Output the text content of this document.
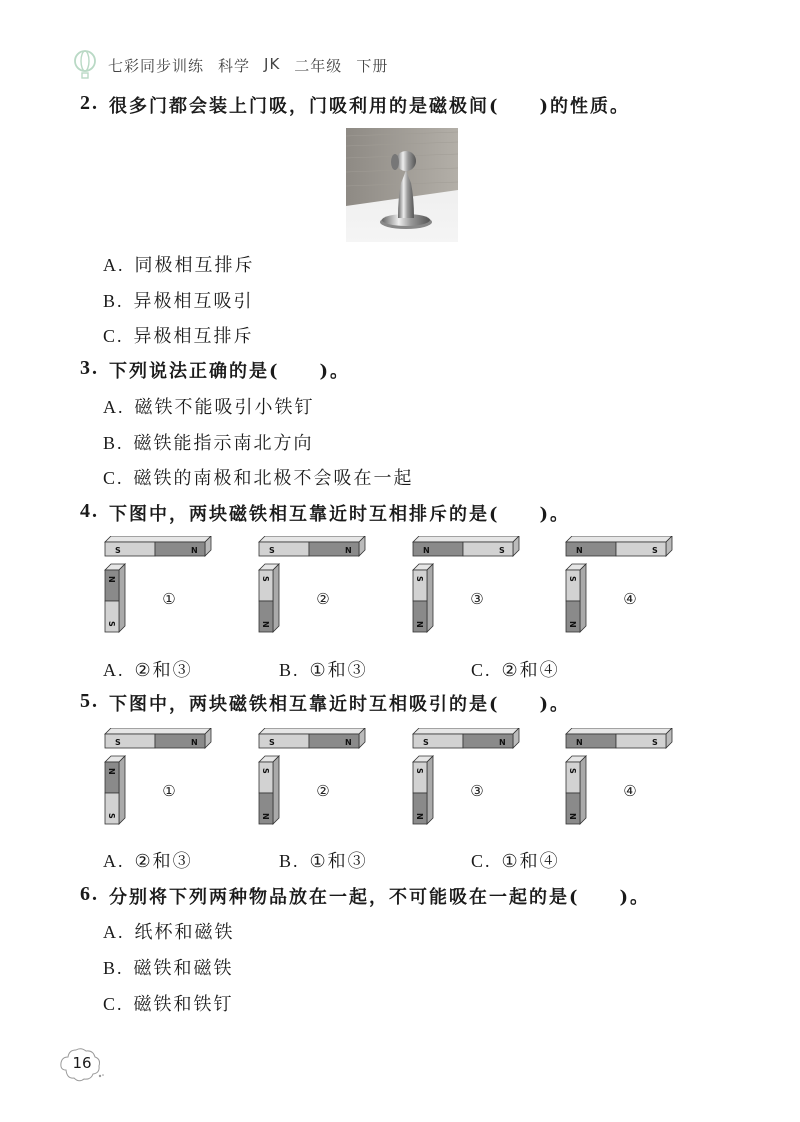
七彩同步训练 科学 JK 二年级 下册
2. 很多门都会装上门吸，门吸利用的是磁极间(　　)的性质。
A. 同极相互排斥
B. 异极相互吸引
C. 异极相互排斥
3. 下列说法正确的是(　　)。
A. 磁铁不能吸引小铁钉
B. 磁铁能指示南北方向
C. 磁铁的南极和北极不会吸在一起
4. 下图中，两块磁铁相互靠近时互相排斥的是(　　)。
S	N
N
S
①
S	N
S
N
②
N	S
S
N
③
N	S
S
N
④
A. ②和③	B. ①和③	C. ②和④
5. 下图中，两块磁铁相互靠近时互相吸引的是(　　)。
S	N
N
S
①
S	N
S
N
②
S	N
S
N
③
N	S
S
N
④
A. ②和③	B. ①和③	C. ①和④
6. 分别将下列两种物品放在一起，不可能吸在一起的是(　　)。
A. 纸杯和磁铁
B. 磁铁和磁铁
C. 磁铁和铁钉
16
